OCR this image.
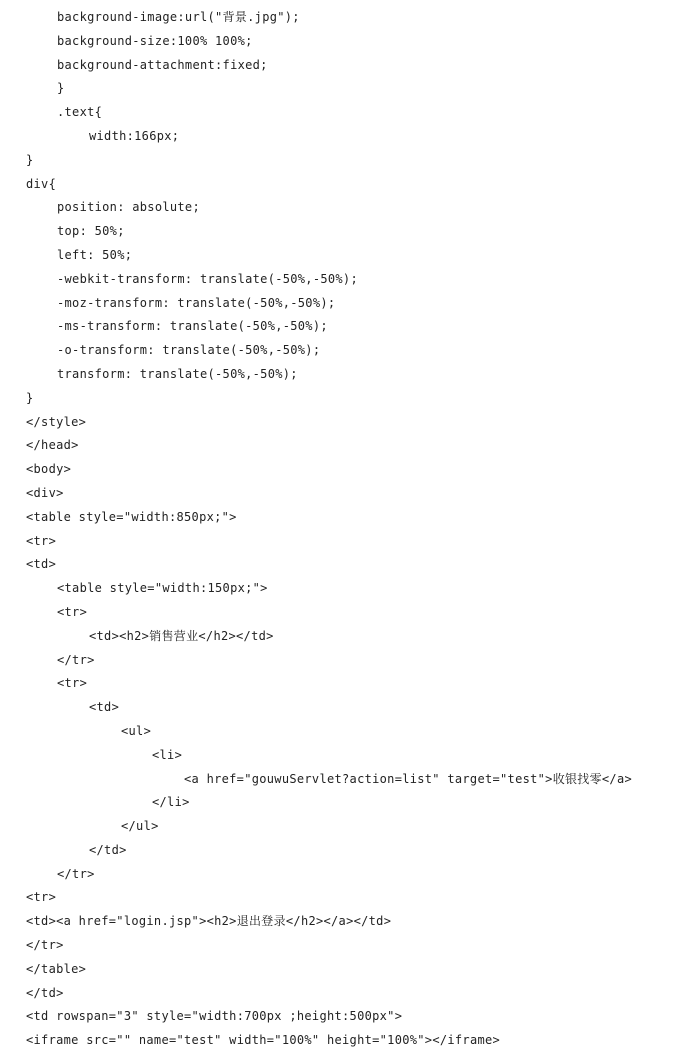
background-image:url("背景.jpg");
background-size:100% 100%;
background-attachment:fixed;
}
.text{
width:166px;
}
div{
position: absolute;
top: 50%;
left: 50%;
-webkit-transform: translate(-50%,-50%);
-moz-transform: translate(-50%,-50%);
-ms-transform: translate(-50%,-50%);
-o-transform: translate(-50%,-50%);
transform: translate(-50%,-50%);
}
</style>
</head>
<body>
<div>
<table style="width:850px;">
<tr>
<td>
<table style="width:150px;">
<tr>
<td><h2>销售营业</h2></td>
</tr>
<tr>
<td>
<ul>
<li>
<a href="gouwuServlet?action=list" target="test">收银找零</a>
</li>
</ul>
</td>
</tr>
<tr>
<td><a href="login.jsp"><h2>退出登录</h2></a></td>
</tr>
</table>
</td>
<td rowspan="3" style="width:700px ;height:500px">
<iframe src="" name="test" width="100%" height="100%"></iframe>
